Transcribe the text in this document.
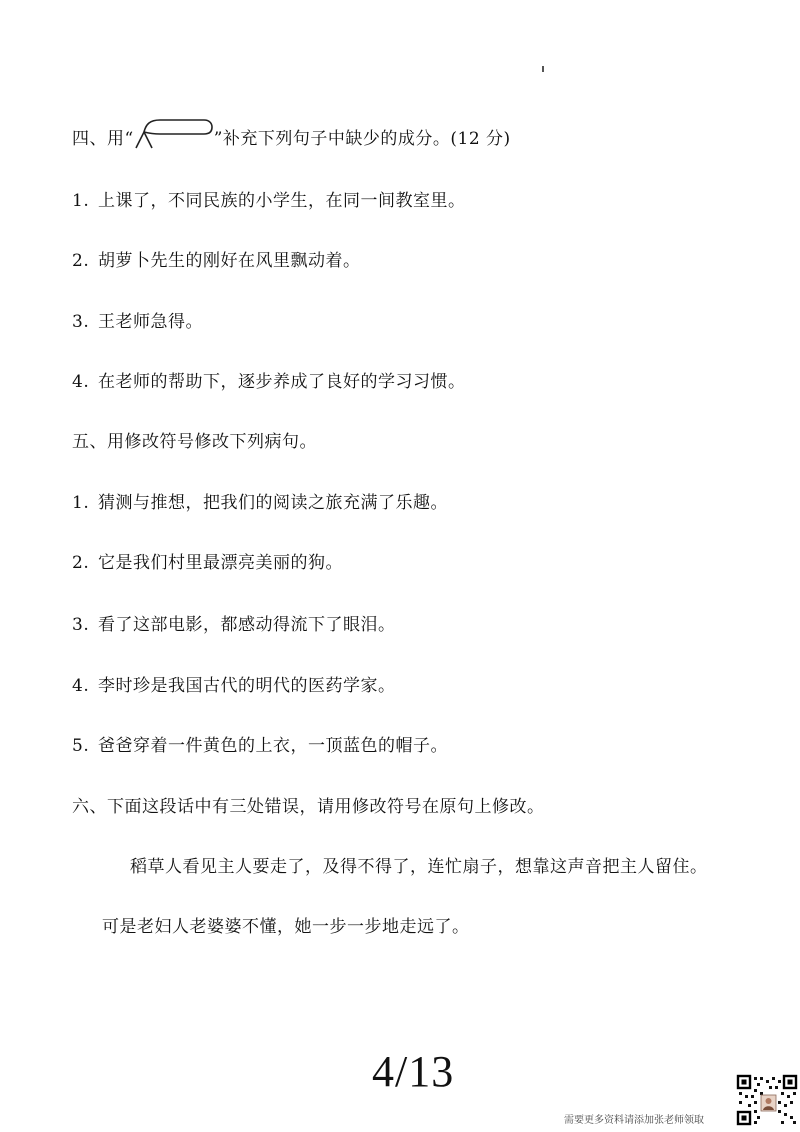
四、用“	”补充下列句子中缺少的成分。(12 分)
1. 上课了，不同民族的小学生，在同一间教室里。
2. 胡萝卜先生的刚好在风里飘动着。
3. 王老师急得。
4. 在老师的帮助下，逐步养成了良好的学习习惯。
五、用修改符号修改下列病句。
1. 猜测与推想，把我们的阅读之旅充满了乐趣。
2. 它是我们村里最漂亮美丽的狗。
3. 看了这部电影，都感动得流下了眼泪。
4. 李时珍是我国古代的明代的医药学家。
5. 爸爸穿着一件黄色的上衣，一顶蓝色的帽子。
六、下面这段话中有三处错误，请用修改符号在原句上修改。
稻草人看见主人要走了，及得不得了，连忙扇子，想靠这声音把主人留住。
可是老妇人老婆婆不懂，她一步一步地走远了。
4/13
需要更多资料请添加张老师领取
